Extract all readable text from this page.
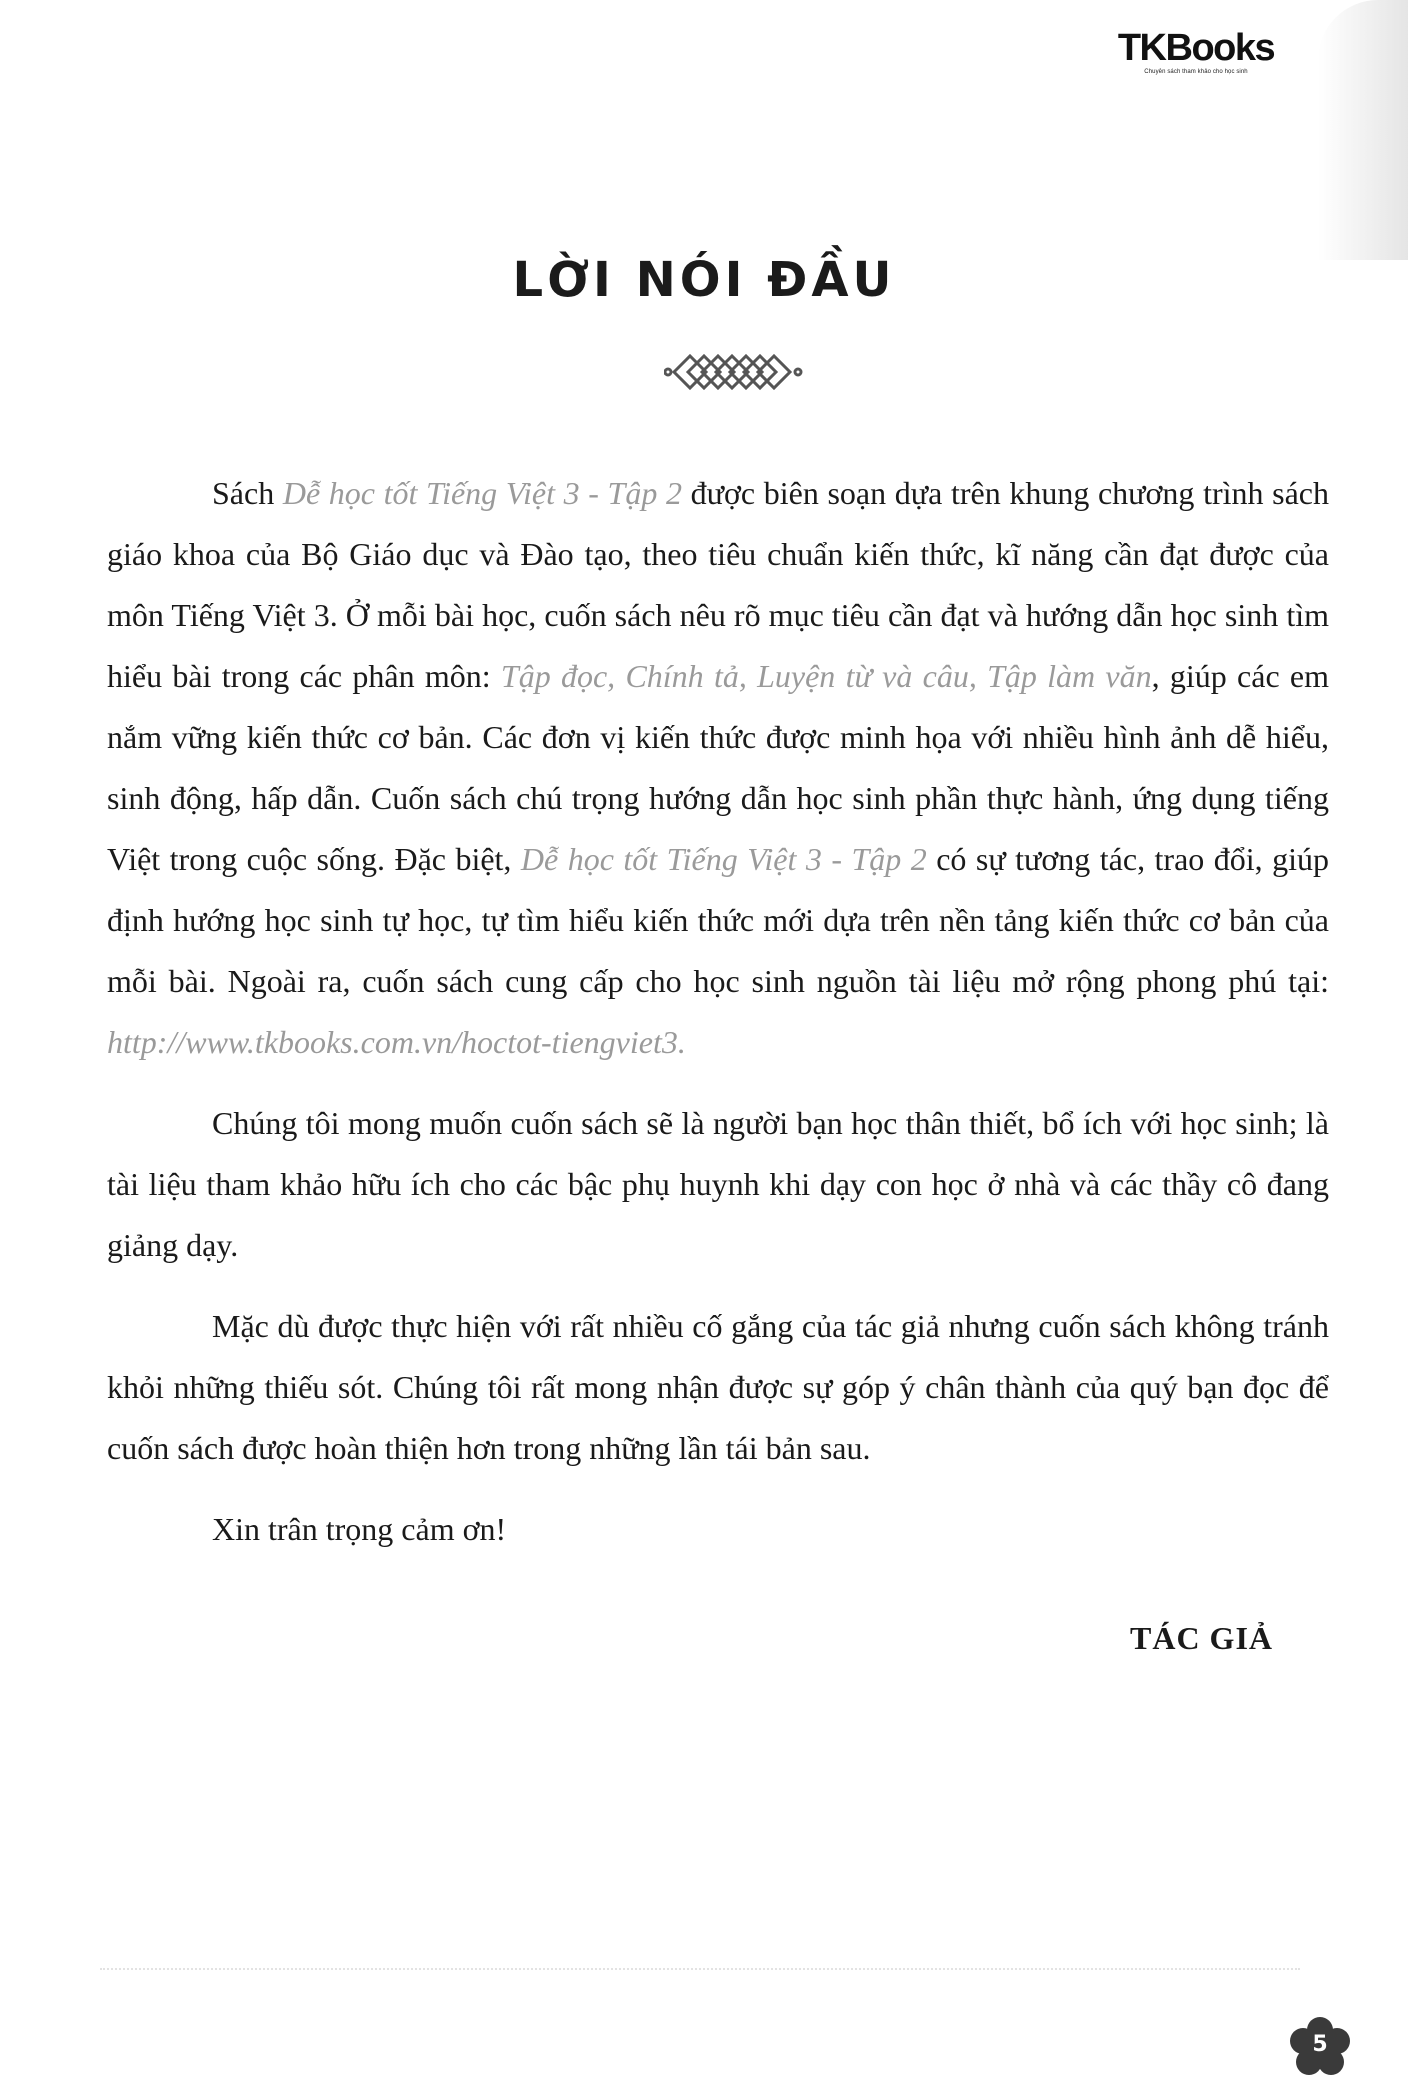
TKBooks
Chuyên sách tham khảo cho học sinh
LỜI NÓI ĐẦU

Sách Dễ học tốt Tiếng Việt 3 - Tập 2 được biên soạn dựa trên khung chương trình sách giáo khoa của Bộ Giáo dục và Đào tạo, theo tiêu chuẩn kiến thức, kĩ năng cần đạt được của môn Tiếng Việt 3. Ở mỗi bài học, cuốn sách nêu rõ mục tiêu cần đạt và hướng dẫn học sinh tìm hiểu bài trong các phân môn: Tập đọc, Chính tả, Luyện từ và câu, Tập làm văn, giúp các em nắm vững kiến thức cơ bản. Các đơn vị kiến thức được minh họa với nhiều hình ảnh dễ hiểu, sinh động, hấp dẫn. Cuốn sách chú trọng hướng dẫn học sinh phần thực hành, ứng dụng tiếng Việt trong cuộc sống. Đặc biệt, Dễ học tốt Tiếng Việt 3 - Tập 2 có sự tương tác, trao đổi, giúp định hướng học sinh tự học, tự tìm hiểu kiến thức mới dựa trên nền tảng kiến thức cơ bản của mỗi bài. Ngoài ra, cuốn sách cung cấp cho học sinh nguồn tài liệu mở rộng phong phú tại: http://www.tkbooks.com.vn/hoctot-tiengviet3.

Chúng tôi mong muốn cuốn sách sẽ là người bạn học thân thiết, bổ ích với học sinh; là tài liệu tham khảo hữu ích cho các bậc phụ huynh khi dạy con học ở nhà và các thầy cô đang giảng dạy.

Mặc dù được thực hiện với rất nhiều cố gắng của tác giả nhưng cuốn sách không tránh khỏi những thiếu sót. Chúng tôi rất mong nhận được sự góp ý chân thành của quý bạn đọc để cuốn sách được hoàn thiện hơn trong những lần tái bản sau.

Xin trân trọng cảm ơn!

TÁC GIẢ
5
